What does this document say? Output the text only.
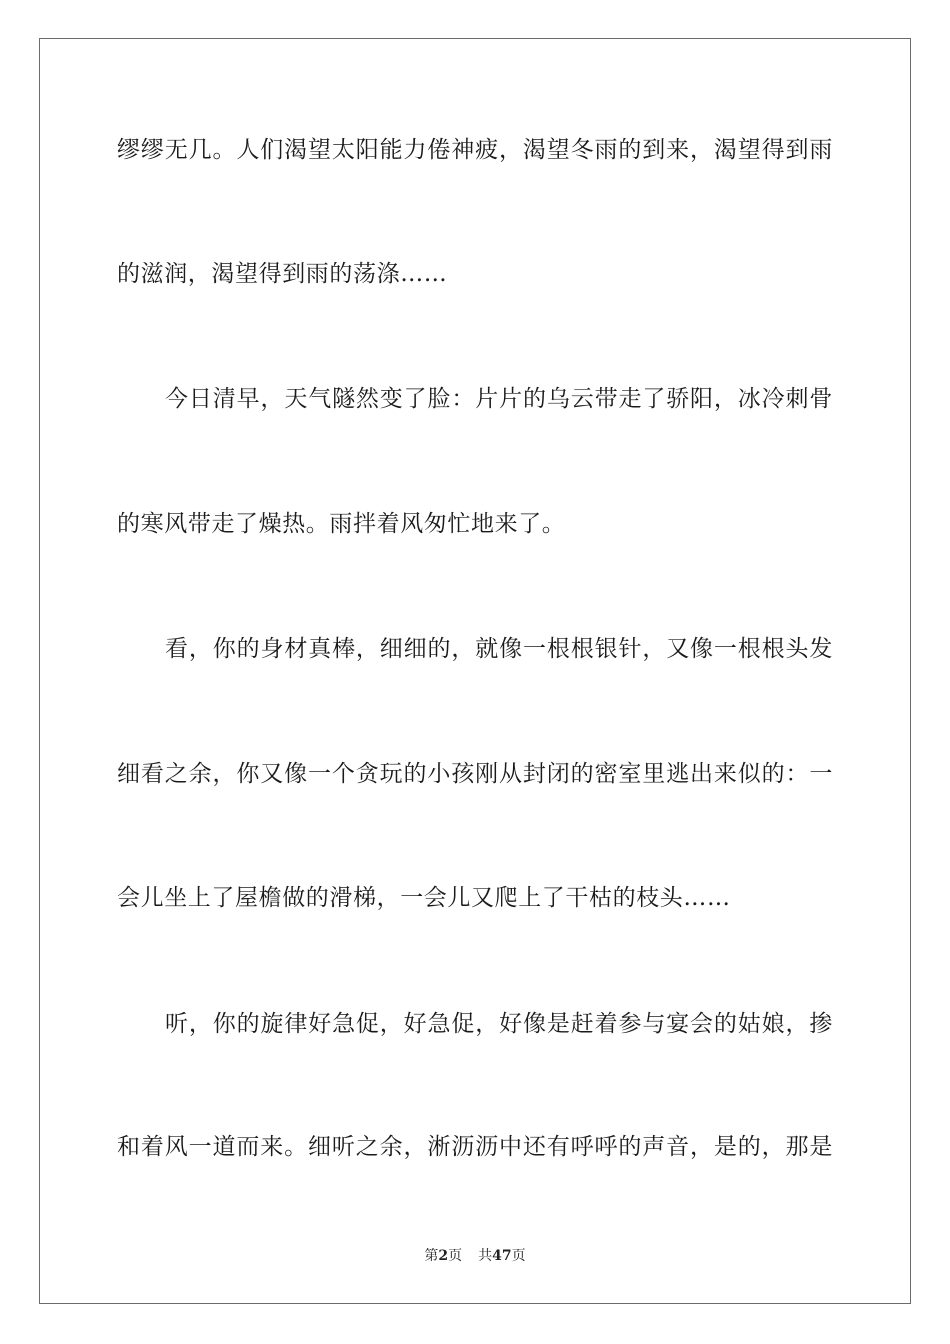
缪缪无几。人们渴望太阳能力倦神疲，渴望冬雨的到来，渴望得到雨
的滋润，渴望得到雨的荡涤……
今日清早，天气隧然变了脸：片片的乌云带走了骄阳，冰冷刺骨
的寒风带走了燥热。雨拌着风匆忙地来了。
看，你的身材真棒，细细的，就像一根根银针，又像一根根头发
细看之余，你又像一个贪玩的小孩刚从封闭的密室里逃出来似的：一
会儿坐上了屋檐做的滑梯，一会儿又爬上了干枯的枝头……
听，你的旋律好急促，好急促，好像是赶着参与宴会的姑娘，掺
和着风一道而来。细听之余，淅沥沥中还有呼呼的声音，是的，那是
第2页 共47页
